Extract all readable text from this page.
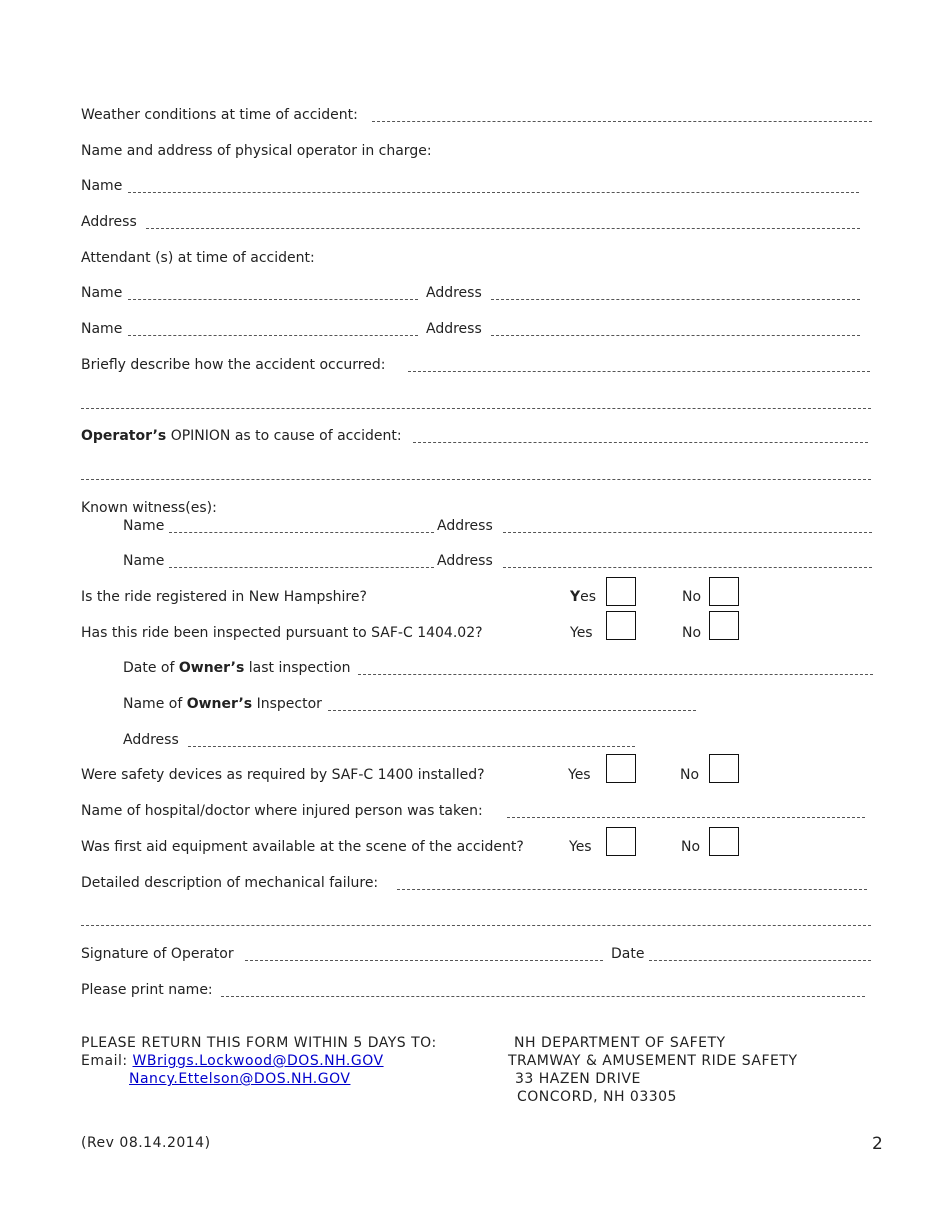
Weather conditions at time of accident:
Name and address of physical operator in charge:
Name
Address
Attendant (s) at time of accident:
Name	Address
Name	Address
Briefly describe how the accident occurred:
Operator’s OPINION as to cause of accident:
Known witness(es):
Name	Address
Name	Address
Is the ride registered in New Hampshire?	Yes	No
Has this ride been inspected pursuant to SAF-C 1404.02?	Yes	No
Date of Owner’s last inspection
Name of Owner’s Inspector
Address
Were safety devices as required by SAF-C 1400 installed?	Yes	No
Name of hospital/doctor where injured person was taken:
Was first aid equipment available at the scene of the accident?	Yes	No
Detailed description of mechanical failure:
Signature of Operator	Date
Please print name:
PLEASE RETURN THIS FORM WITHIN 5 DAYS TO:
Email: WBriggs.Lockwood@DOS.NH.GOV
Nancy.Ettelson@DOS.NH.GOV
NH DEPARTMENT OF SAFETY
TRAMWAY & AMUSEMENT RIDE SAFETY
33 HAZEN DRIVE
CONCORD, NH 03305
(Rev 08.14.2014)	2
